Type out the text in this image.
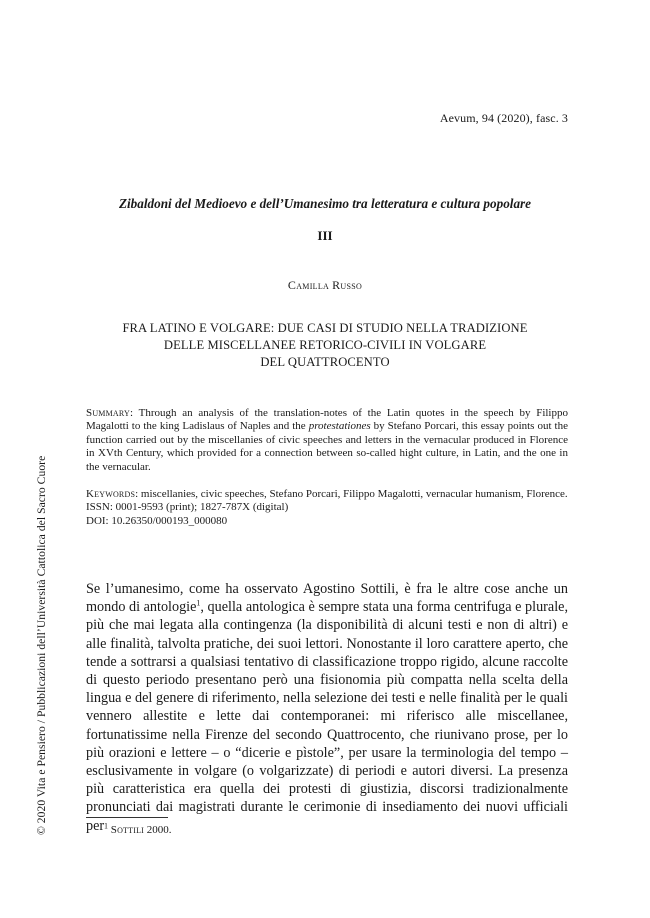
Aevum, 94 (2020), fasc. 3
Zibaldoni del Medioevo e dell’Umanesimo tra letteratura e cultura popolare
III
Camilla Russo
FRA LATINO E VOLGARE: DUE CASI DI STUDIO NELLA TRADIZIONE
DELLE MISCELLANEE RETORICO-CIVILI IN VOLGARE
DEL QUATTROCENTO
Summary: Through an analysis of the translation-notes of the Latin quotes in the speech by Filippo Magalotti to the king Ladislaus of Naples and the protestationes by Stefano Porcari, this essay points out the function carried out by the miscellanies of civic speeches and letters in the vernacular produced in Florence in XVth Century, which provided for a connection between so-called hight culture, in Latin, and the one in the vernacular.
Keywords: miscellanies, civic speeches, Stefano Porcari, Filippo Magalotti, vernacular humanism, Florence.
ISSN: 0001-9593 (print); 1827-787X (digital)
DOI: 10.26350/000193_000080
Se l’umanesimo, come ha osservato Agostino Sottili, è fra le altre cose anche un mondo di antologie$^1$, quella antologica è sempre stata una forma centrifuga e plurale, più che mai legata alla contingenza (la disponibilità di alcuni testi e non di altri) e alle finalità, talvolta pratiche, dei suoi lettori. Nonostante il loro carattere aperto, che tende a sottrarsi a qualsiasi tentativo di classificazione troppo rigido, alcune raccolte di questo periodo presentano però una fisionomia più compatta nella scelta della lingua e del genere di riferimento, nella selezione dei testi e nelle finalità per le quali vennero allestite e lette dai contemporanei: mi riferisco alle miscellanee, fortunatissime nella Firenze del secondo Quattrocento, che riunivano prose, per lo più orazioni e lettere – o “dicerie e pìstole”, per usare la terminologia del tempo – esclusivamente in volgare (o volgarizzate) di periodi e autori diversi. La presenza più caratteristica era quella dei protesti di giustizia, discorsi tradizionalmente pronunciati dai magistrati durante le cerimonie di insediamento dei nuovi ufficiali per $^1$ Sottili 2000.
© 2020 Vita e Pensiero / Pubblicazioni dell’Università Cattolica del Sacro Cuore
